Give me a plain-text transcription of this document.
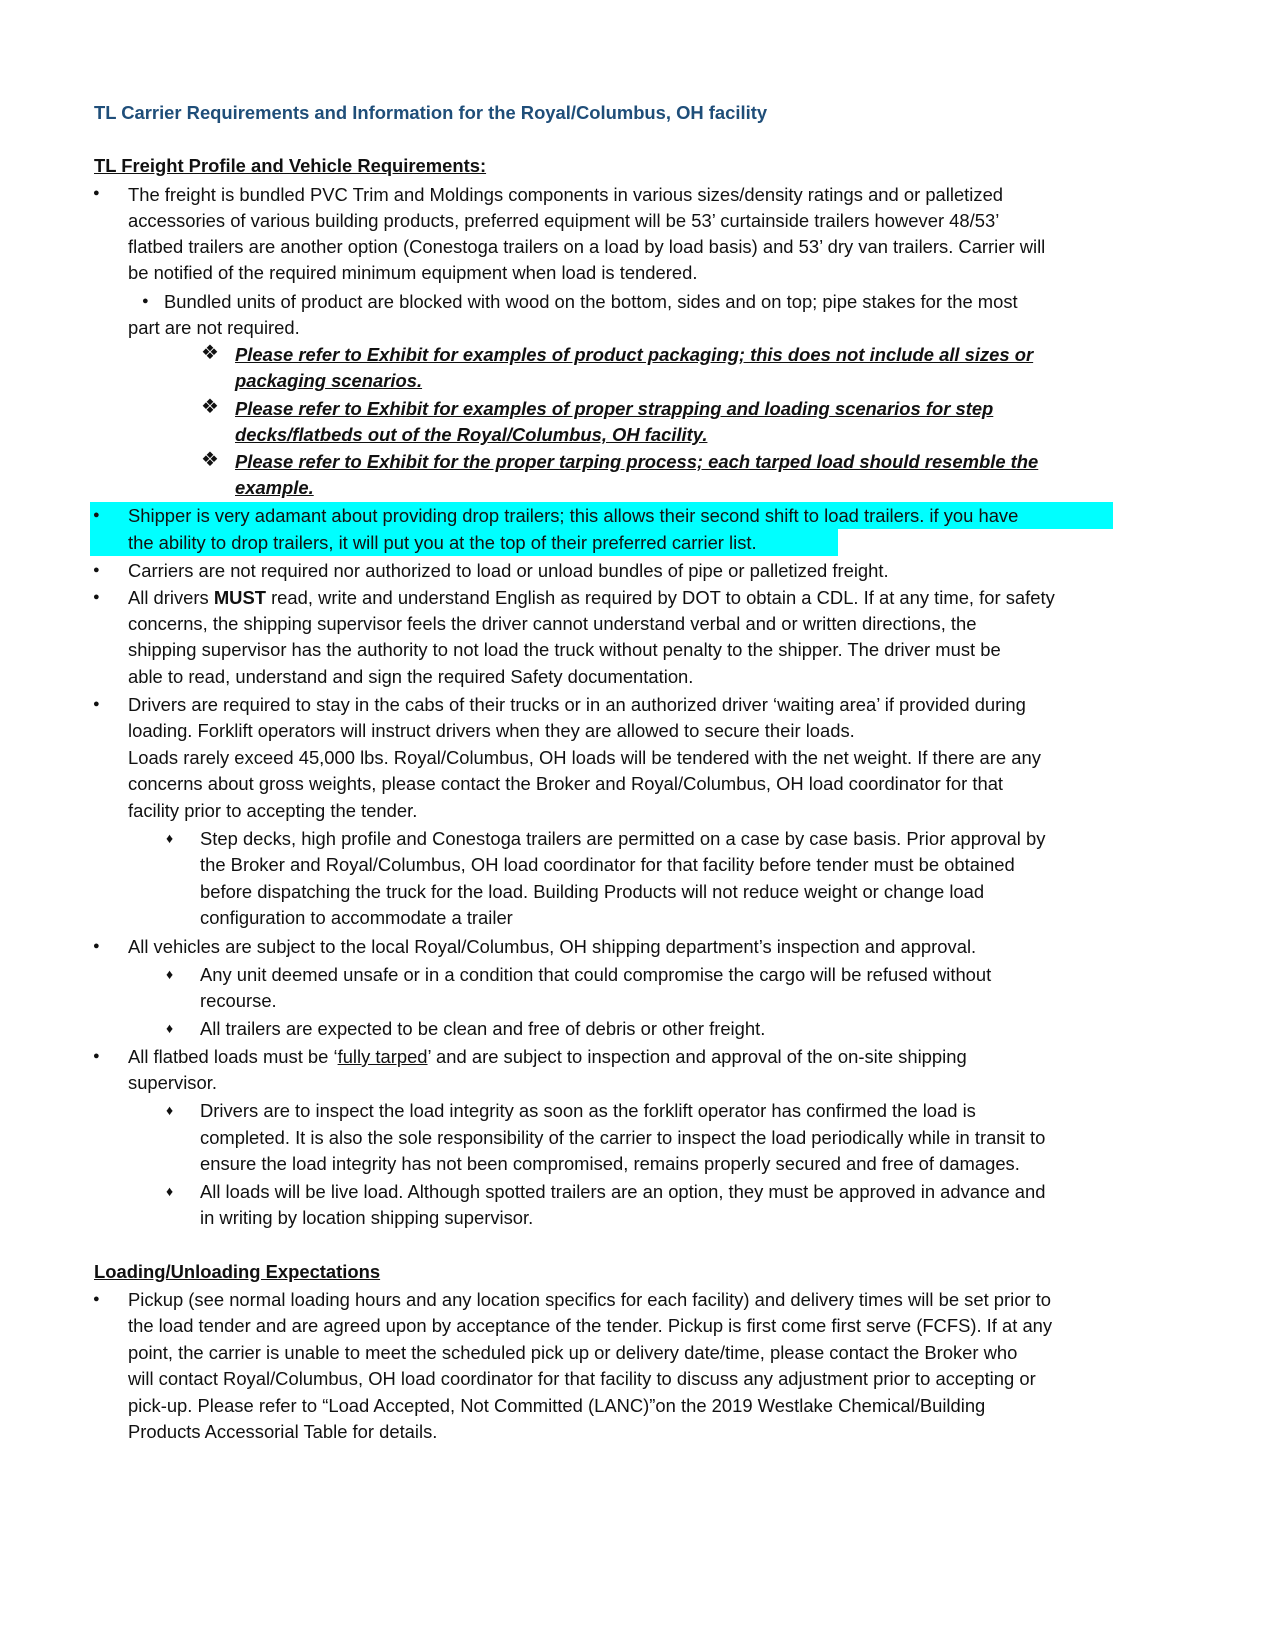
TL Carrier Requirements and Information for the Royal/Columbus, OH facility
TL Freight Profile and Vehicle Requirements:
● The freight is bundled PVC Trim and Moldings components in various sizes/density ratings and or palletized
accessories of various building products, preferred equipment will be 53’ curtainside trailers however 48/53’
flatbed trailers are another option (Conestoga trailers on a load by load basis) and 53’ dry van trailers. Carrier will
be notified of the required minimum equipment when load is tendered.
● Bundled units of product are blocked with wood on the bottom, sides and on top; pipe stakes for the most
part are not required.
❖ Please refer to Exhibit for examples of product packaging; this does not include all sizes or
packaging scenarios.
❖ Please refer to Exhibit for examples of proper strapping and loading scenarios for step
decks/flatbeds out of the Royal/Columbus, OH facility.
❖ Please refer to Exhibit for the proper tarping process; each tarped load should resemble the
example.
● Shipper is very adamant about providing drop trailers; this allows their second shift to load trailers. if you have
the ability to drop trailers, it will put you at the top of their preferred carrier list.
● Carriers are not required nor authorized to load or unload bundles of pipe or palletized freight.
● All drivers MUST read, write and understand English as required by DOT to obtain a CDL. If at any time, for safety
concerns, the shipping supervisor feels the driver cannot understand verbal and or written directions, the
shipping supervisor has the authority to not load the truck without penalty to the shipper. The driver must be
able to read, understand and sign the required Safety documentation.
● Drivers are required to stay in the cabs of their trucks or in an authorized driver ‘waiting area’ if provided during
loading. Forklift operators will instruct drivers when they are allowed to secure their loads.
Loads rarely exceed 45,000 lbs. Royal/Columbus, OH loads will be tendered with the net weight. If there are any
concerns about gross weights, please contact the Broker and Royal/Columbus, OH load coordinator for that
facility prior to accepting the tender.
♦ Step decks, high profile and Conestoga trailers are permitted on a case by case basis. Prior approval by
the Broker and Royal/Columbus, OH load coordinator for that facility before tender must be obtained
before dispatching the truck for the load. Building Products will not reduce weight or change load
configuration to accommodate a trailer
● All vehicles are subject to the local Royal/Columbus, OH shipping department’s inspection and approval.
♦ Any unit deemed unsafe or in a condition that could compromise the cargo will be refused without
recourse.
♦ All trailers are expected to be clean and free of debris or other freight.
● All flatbed loads must be ‘fully tarped’ and are subject to inspection and approval of the on-site shipping
supervisor.
♦ Drivers are to inspect the load integrity as soon as the forklift operator has confirmed the load is
completed. It is also the sole responsibility of the carrier to inspect the load periodically while in transit to
ensure the load integrity has not been compromised, remains properly secured and free of damages.
♦ All loads will be live load. Although spotted trailers are an option, they must be approved in advance and
in writing by location shipping supervisor.
Loading/Unloading Expectations
● Pickup (see normal loading hours and any location specifics for each facility) and delivery times will be set prior to
the load tender and are agreed upon by acceptance of the tender. Pickup is first come first serve (FCFS). If at any
point, the carrier is unable to meet the scheduled pick up or delivery date/time, please contact the Broker who
will contact Royal/Columbus, OH load coordinator for that facility to discuss any adjustment prior to accepting or
pick-up. Please refer to “Load Accepted, Not Committed (LANC)”on the 2019 Westlake Chemical/Building
Products Accessorial Table for details.
